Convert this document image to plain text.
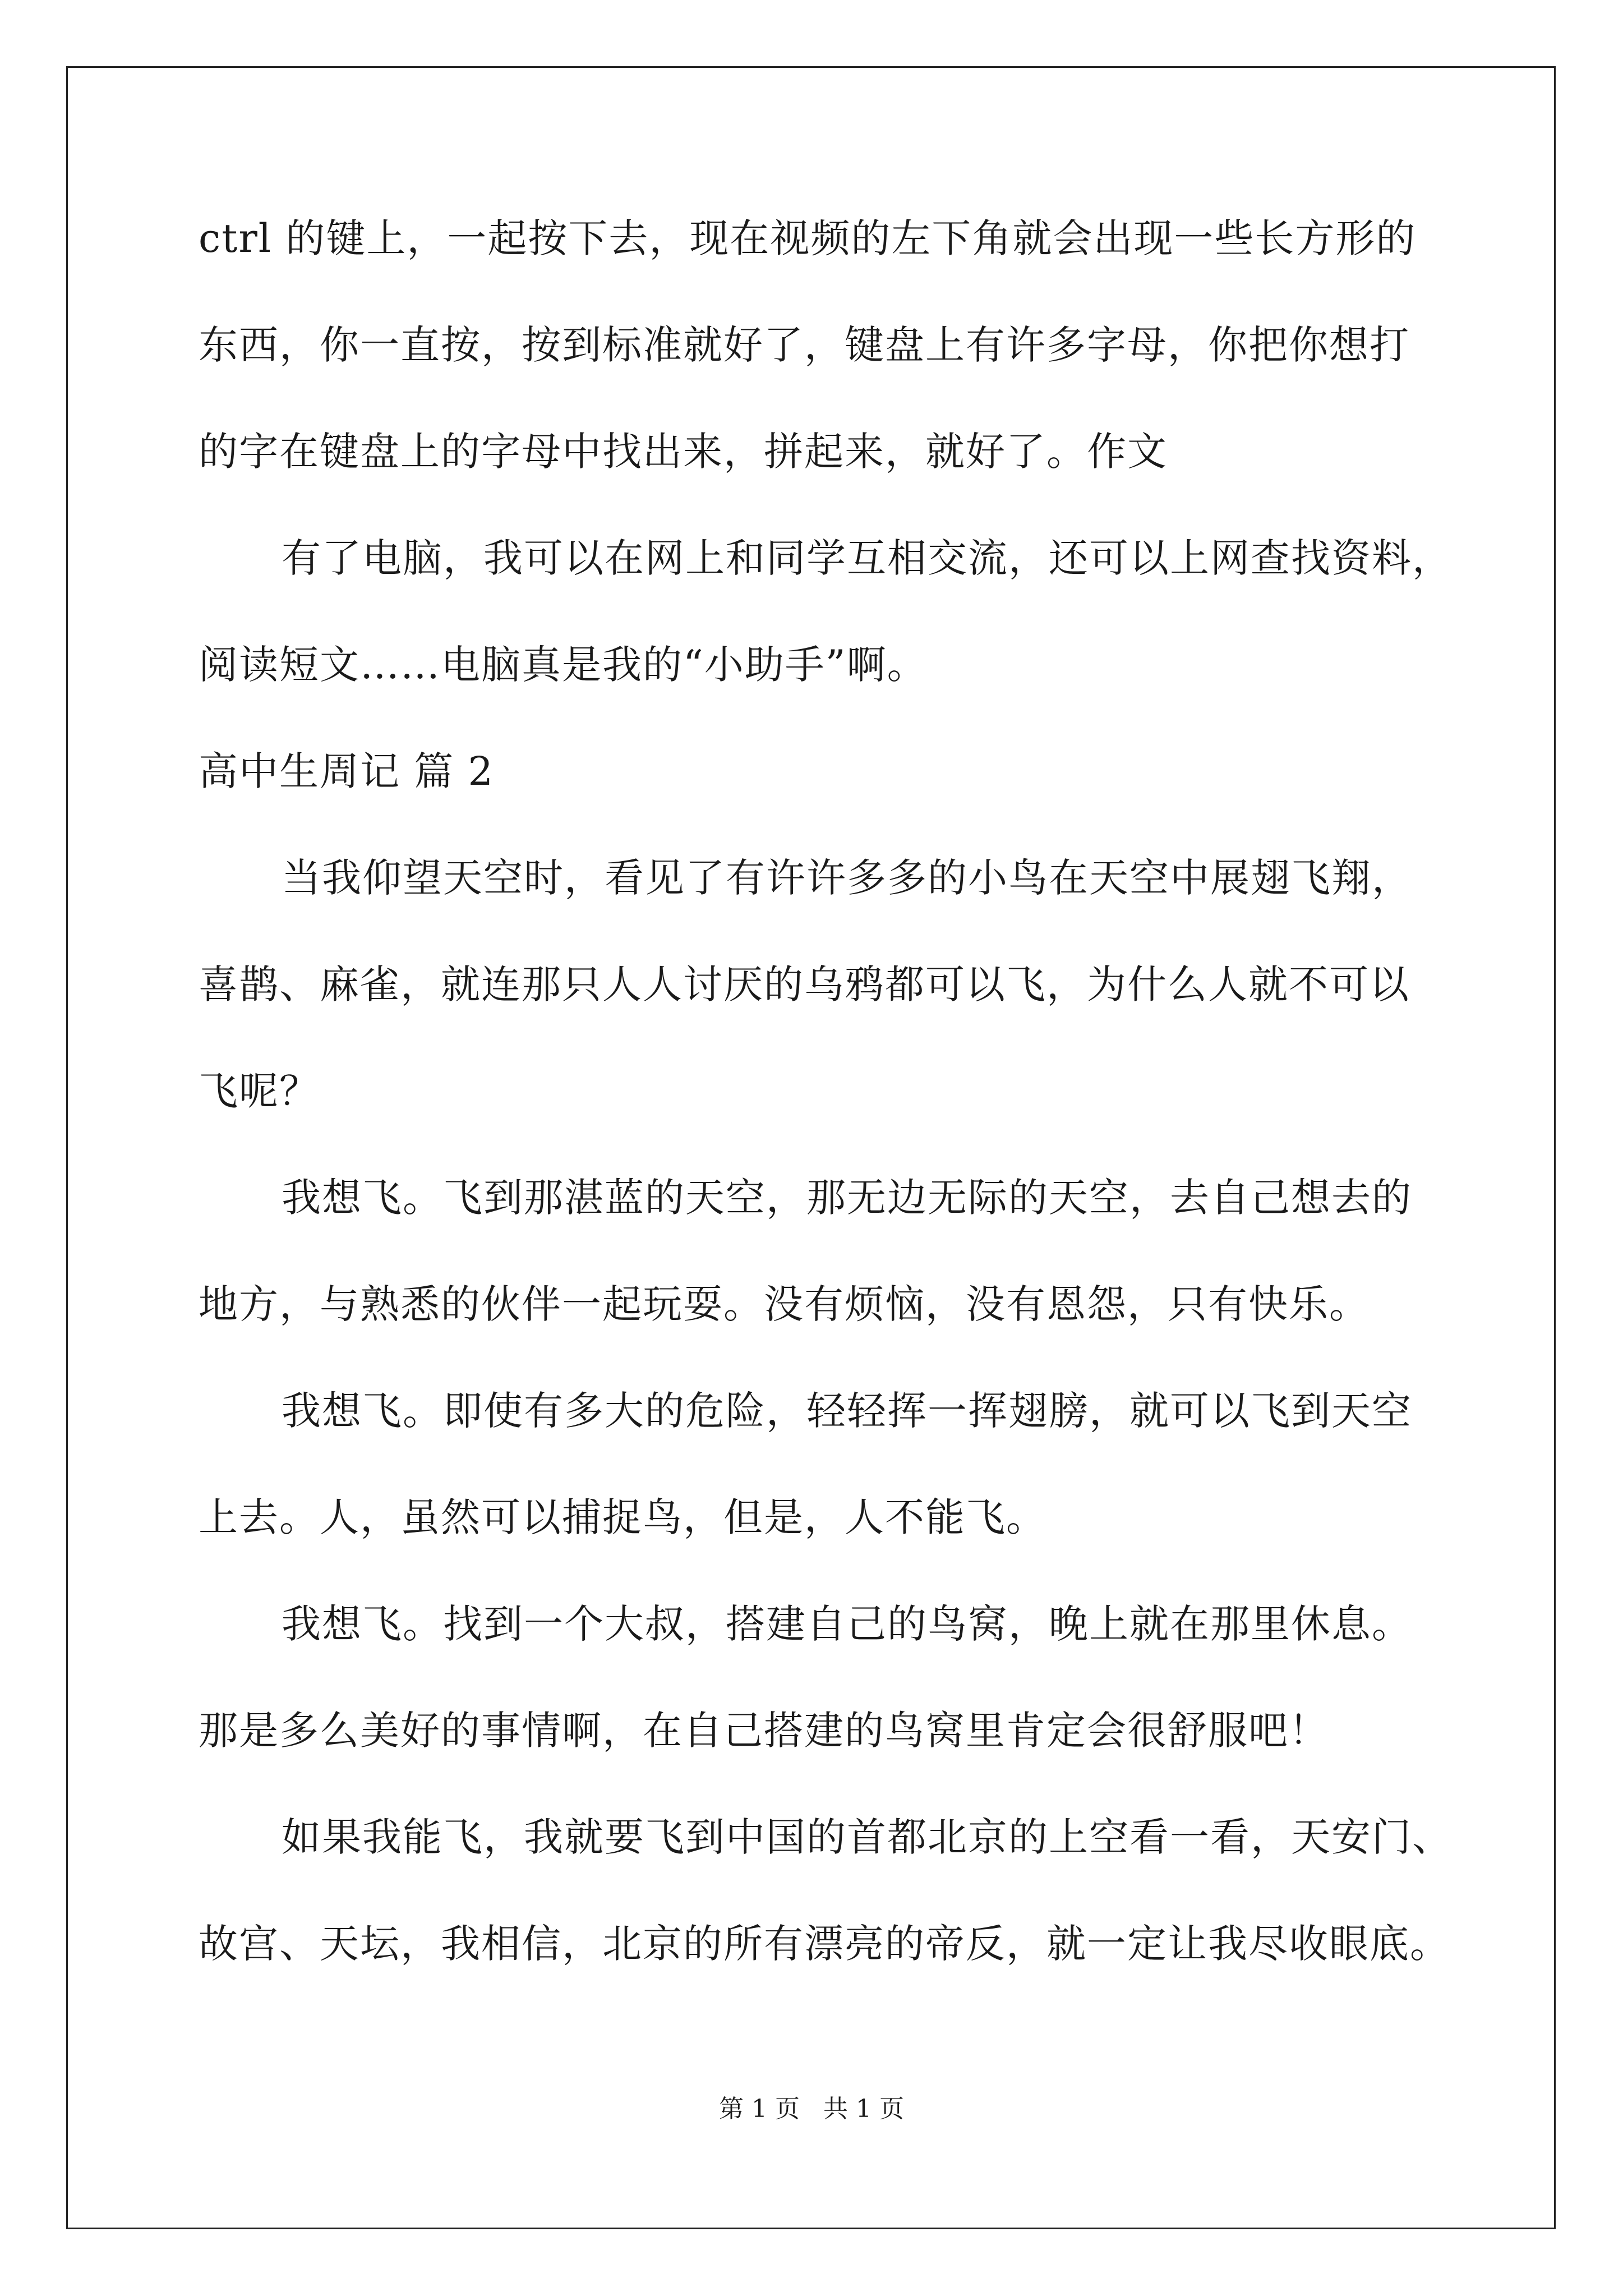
ctrl 的键上，一起按下去，现在视频的左下角就会出现一些长方形的
东西，你一直按，按到标准就好了，键盘上有许多字母，你把你想打
的字在键盘上的字母中找出来，拼起来，就好了。作文
有了电脑，我可以在网上和同学互相交流，还可以上网查找资料，
阅读短文……电脑真是我的“小助手”啊。
高中生周记 篇 2
当我仰望天空时，看见了有许许多多的小鸟在天空中展翅飞翔，
喜鹊、麻雀，就连那只人人讨厌的乌鸦都可以飞，为什么人就不可以
飞呢？
我想飞。飞到那湛蓝的天空，那无边无际的天空，去自己想去的
地方，与熟悉的伙伴一起玩耍。没有烦恼，没有恩怨，只有快乐。
我想飞。即使有多大的危险，轻轻挥一挥翅膀，就可以飞到天空
上去。人，虽然可以捕捉鸟，但是，人不能飞。
我想飞。找到一个大叔，搭建自己的鸟窝，晚上就在那里休息。
那是多么美好的事情啊，在自己搭建的鸟窝里肯定会很舒服吧！
如果我能飞，我就要飞到中国的首都北京的上空看一看，天安门、
故宫、天坛，我相信，北京的所有漂亮的帝反，就一定让我尽收眼底。
第 1 页   共 1 页
